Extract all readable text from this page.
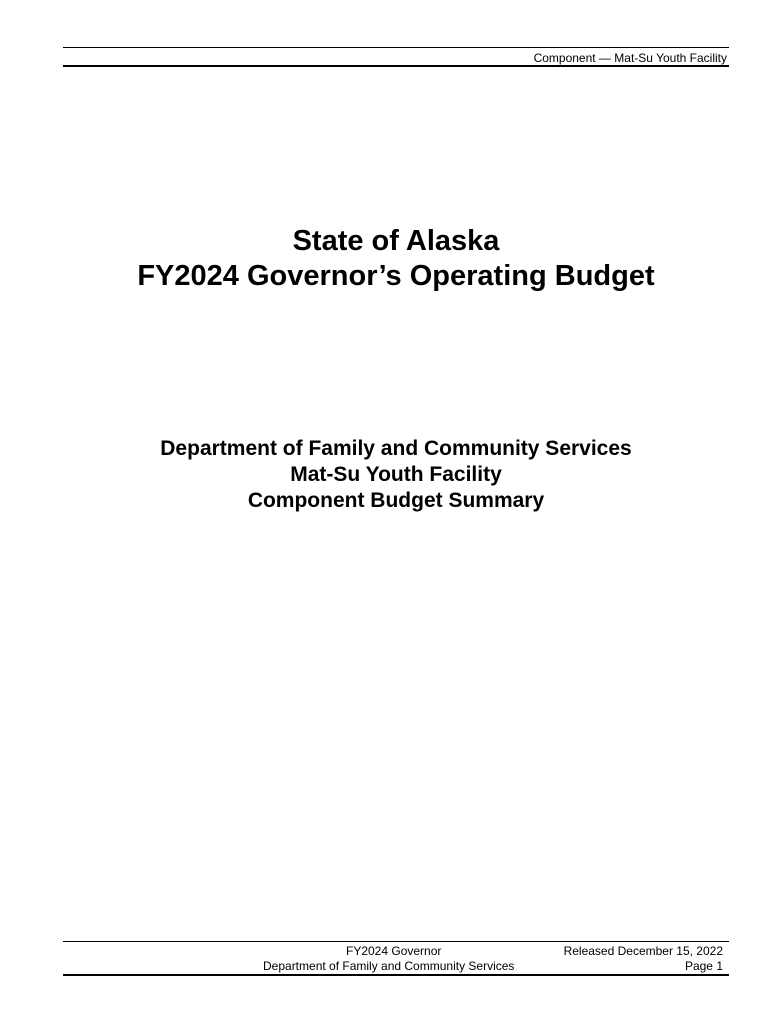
Component — Mat-Su Youth Facility
State of Alaska
FY2024 Governor’s Operating Budget
Department of Family and Community Services
Mat-Su Youth Facility
Component Budget Summary
FY2024 Governor	Released December 15, 2022
Department of Family and Community Services	Page 1
